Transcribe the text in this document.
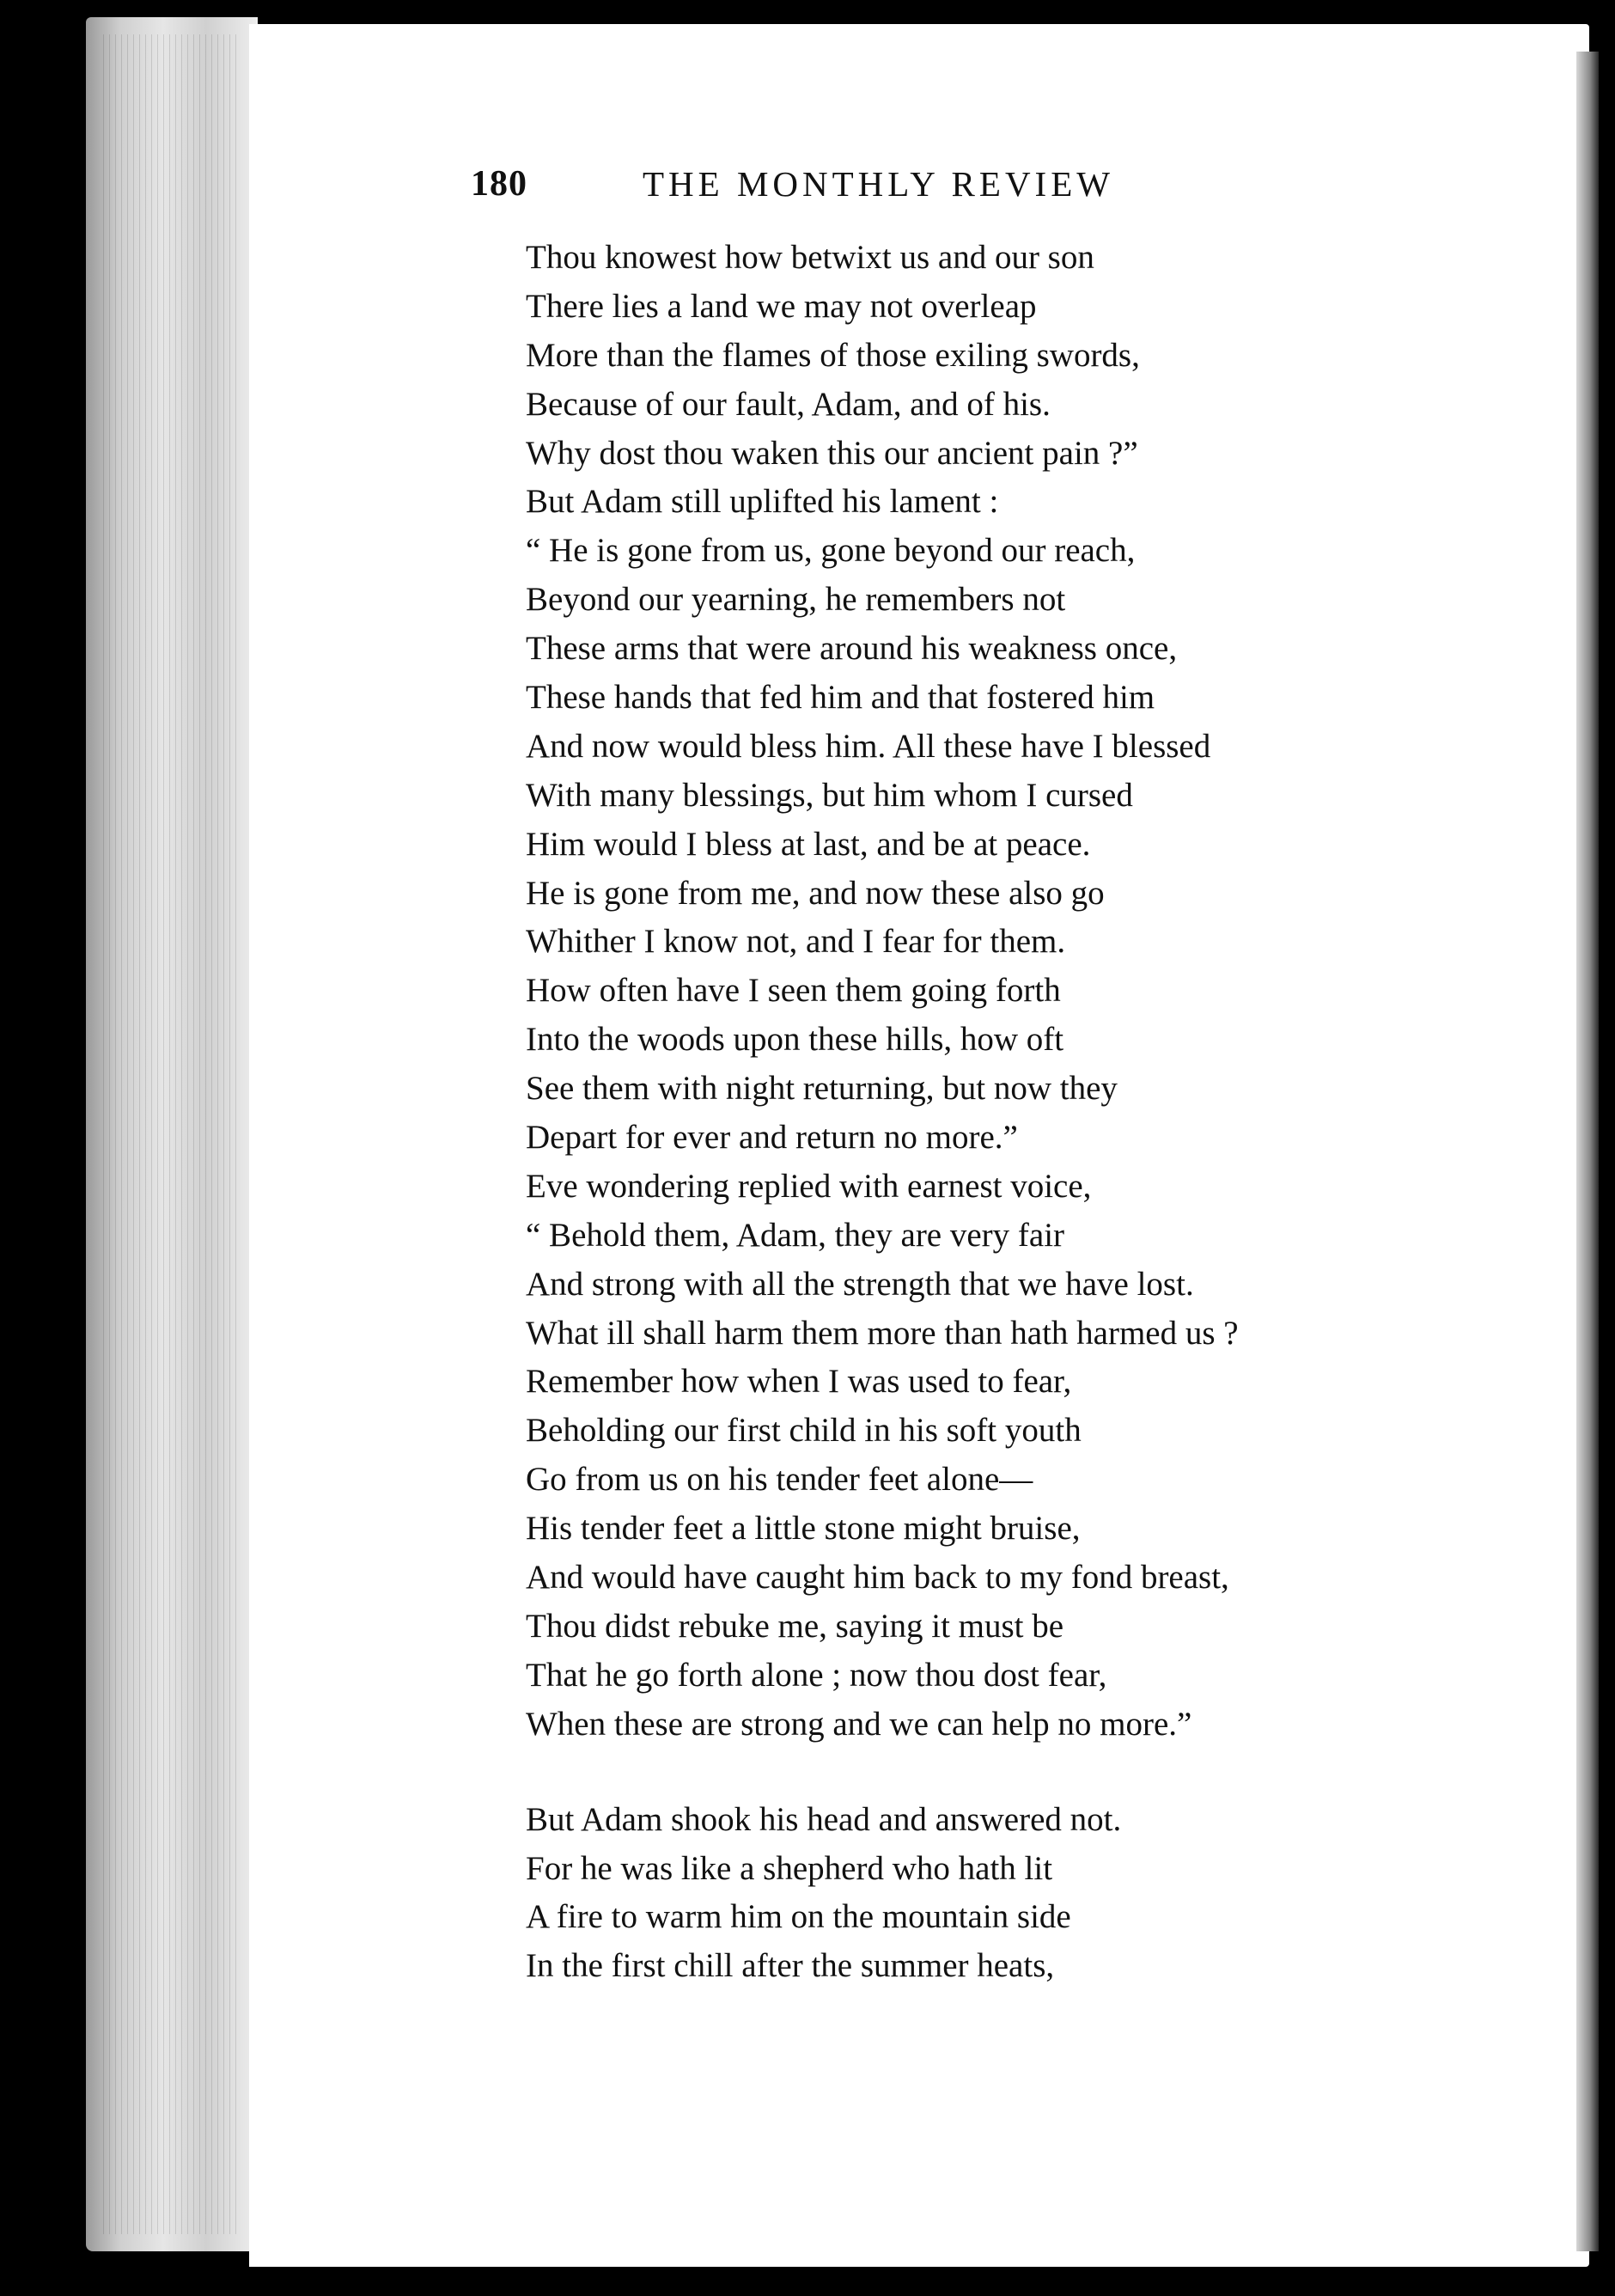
180	THE MONTHLY REVIEW
Thou knowest how betwixt us and our son
There lies a land we may not overleap
More than the flames of those exiling swords,
Because of our fault, Adam, and of his.
Why dost thou waken this our ancient pain ?”
But Adam still uplifted his lament :
“ He is gone from us, gone beyond our reach,
Beyond our yearning, he remembers not
These arms that were around his weakness once,
These hands that fed him and that fostered him
And now would bless him. All these have I blessed
With many blessings, but him whom I cursed
Him would I bless at last, and be at peace.
He is gone from me, and now these also go
Whither I know not, and I fear for them.
How often have I seen them going forth
Into the woods upon these hills, how oft
See them with night returning, but now they
Depart for ever and return no more.”
Eve wondering replied with earnest voice,
“ Behold them, Adam, they are very fair
And strong with all the strength that we have lost.
What ill shall harm them more than hath harmed us ?
Remember how when I was used to fear,
Beholding our first child in his soft youth
Go from us on his tender feet alone—
His tender feet a little stone might bruise,
And would have caught him back to my fond breast,
Thou didst rebuke me, saying it must be
That he go forth alone ; now thou dost fear,
When these are strong and we can help no more.”
But Adam shook his head and answered not.
For he was like a shepherd who hath lit
A fire to warm him on the mountain side
In the first chill after the summer heats,
